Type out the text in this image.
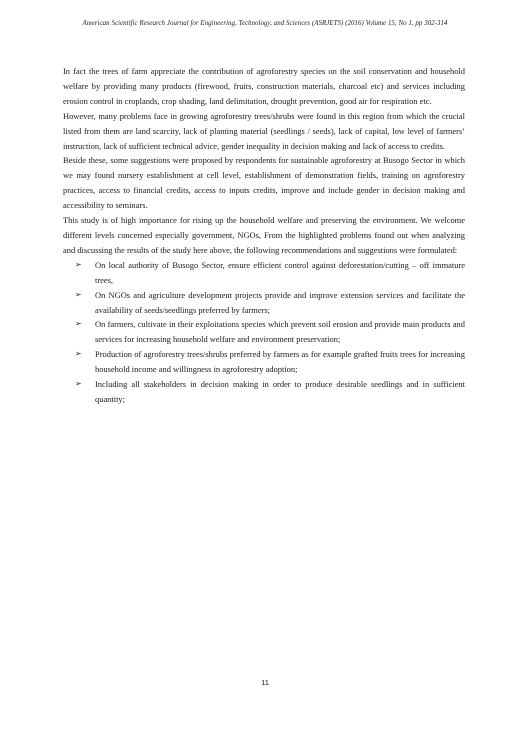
American Scientific Research Journal for Engineering, Technology, and Sciences (ASRJETS) (2016) Volume 15, No 1, pp 302-314

In fact the trees of farm appreciate the contribution of agroforestry species on the soil conservation and household welfare by providing many products (firewood, fruits, construction materials, charcoal etc) and services including erosion control in croplands, crop shading, land delimitation, drought prevention, good air for respiration etc.

However, many problems face in growing agroforestry trees/shrubs were found in this region from which the crucial listed from them are land scarcity, lack of planting material (seedlings / seeds), lack of capital, low level of farmers’ instruction, lack of sufficient technical advice, gender inequality in decision making and lack of access to credits.

Beside these, some suggestions were proposed by respondents for sustainable agroforestry at Busogo Sector in which we may found nursery establishment at cell level, establishment of demonstration fields, training on agroforestry practices, access to financial credits, access to inputs credits, improve and include gender in decision making and accessibility to seminars.

This study is of high importance for rising up the household welfare and preserving the environment. We welcome different levels concerned especially government, NGOs, From the highlighted problems found out when analyzing and discussing the results of the study here above, the following recommendations and suggestions were formulated:

➢ On local authority of Busogo Sector, ensure efficient control against deforestation/cutting – off immature trees,
➢ On NGOs and agriculture development projects provide and improve extension services and facilitate the availability of seeds/seedlings preferred by farmers;
➢ On farmers, cultivate in their exploitations species which prevent soil erosion and provide main products and services for increasing household welfare and environment preservation;
➢ Production of agroforestry trees/shrubs preferred by farmers as for example grafted fruits trees for increasing household income and willingness in agroforestry adoption;
➢ Including all stakeholders in decision making in order to produce desirable seedlings and in sufficient quantity;
11
